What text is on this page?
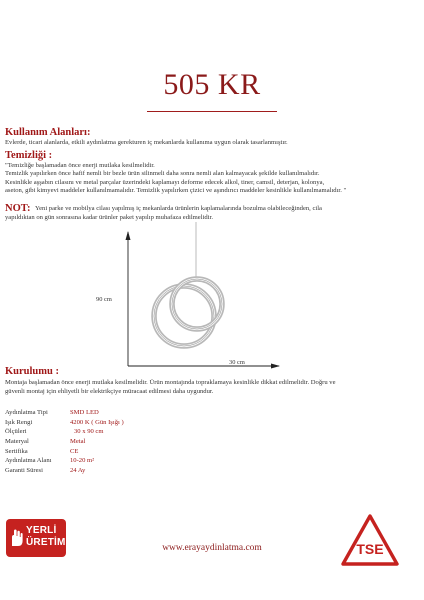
505 KR
Kullanım Alanları:
Evlerde, ticari alanlarda, etkili aydınlatma gerekturen iç mekanlarda kullanıma uygun olarak tasarlanmıştır.
Temizliği :
"Temizliğe başlamadan önce enerji mutlaka kesilmelidir.
Temizlik yapılırken önce hafif nemli bir bezle ürün silinmeli daha sonra nemli alan kalmayacak şekilde kullanılmalıdır.
Kesinlikle aşşabın cilasını ve metal parçalar üzerindeki kaplamayı deforme edecek alkol, tiner, camsil, deterjan, kolonya,
aseton, gibi kimyevi maddeler kullanılmamalıdır. Temizlik yapılırken çizici ve aşındırıcı maddeler kesinlikle kullanılmamalıdır. "
NOT: Yeni parke ve mobilya cilası yapılmış iç mekanlarda ürünlerin kaplamalarında bozulma olabileceğinden, cila
yapıldıktan on gün sonrasına kadar ürünler paket yapılıp muhafaza edilmelidir.
90 cm
30 cm
Kurulumu :
Montaja başlamadan önce enerji mutlaka kesilmelidir. Ürün montajında topraklamaya kesinlikle dikkat edilmelidir. Doğru ve
güvenli montaj için ehliyetli bir elektrikçiye müracaat edilmesi daha uygundur.
Aydınlatma Tipi	SMD LED
Işık Rengi	4200 K ( Gün Işığı )
Ölçüleri	30 x 90 cm
Materyal	Metal
Sertifika	CE
Aydınlatma Alanı	10-20 m²
Garanti Süresi	24 Ay
YERLİ
ÜRETİM	www.erayaydinlatma.com	TSE
